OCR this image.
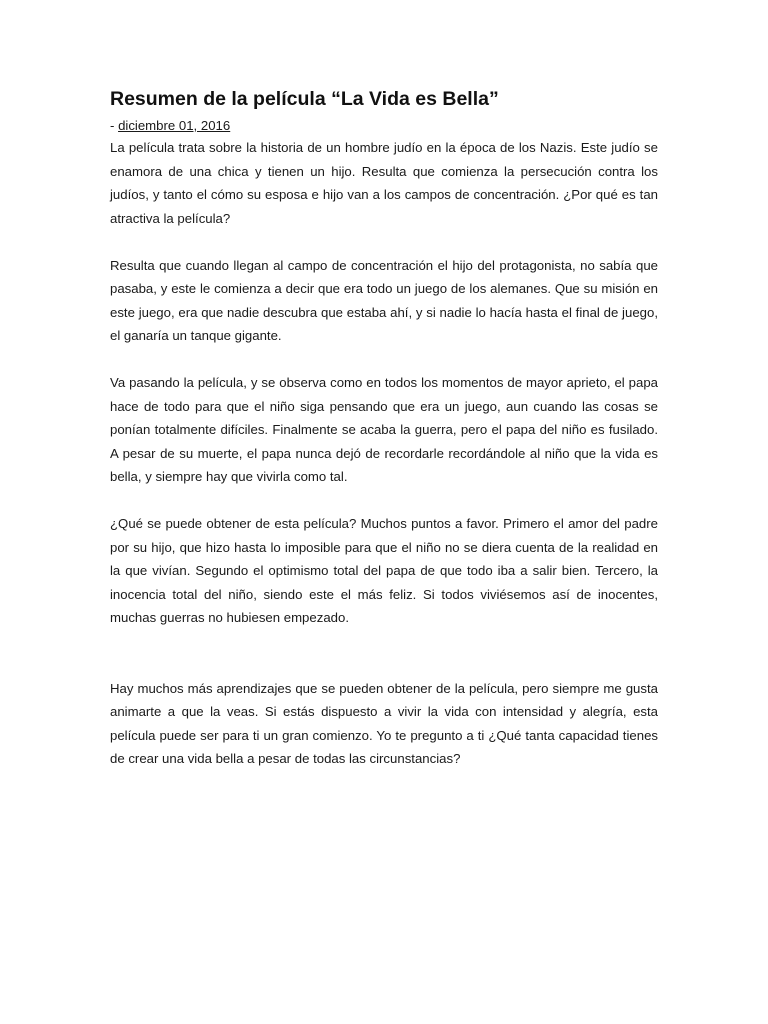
Resumen de la película “La Vida es Bella”
- diciembre 01, 2016

La película trata sobre la historia de un hombre judío en la época de los Nazis. Este judío se enamora de una chica y tienen un hijo. Resulta que comienza la persecución contra los judíos, y tanto el cómo su esposa e hijo van a los campos de concentración. ¿Por qué es tan atractiva la película?

Resulta que cuando llegan al campo de concentración el hijo del protagonista, no sabía que pasaba, y este le comienza a decir que era todo un juego de los alemanes. Que su misión en este juego, era que nadie descubra que estaba ahí, y si nadie lo hacía hasta el final de juego, el ganaría un tanque gigante.

Va pasando la película, y se observa como en todos los momentos de mayor aprieto, el papa hace de todo para que el niño siga pensando que era un juego, aun cuando las cosas se ponían totalmente difíciles. Finalmente se acaba la guerra, pero el papa del niño es fusilado. A pesar de su muerte, el papa nunca dejó de recordarle recordándole al niño que la vida es bella, y siempre hay que vivirla como tal.

¿Qué se puede obtener de esta película? Muchos puntos a favor. Primero el amor del padre por su hijo, que hizo hasta lo imposible para que el niño no se diera cuenta de la realidad en la que vivían. Segundo el optimismo total del papa de que todo iba a salir bien. Tercero, la inocencia total del niño, siendo este el más feliz. Si todos viviésemos así de inocentes, muchas guerras no hubiesen empezado.

Hay muchos más aprendizajes que se pueden obtener de la película, pero siempre me gusta animarte a que la veas. Si estás dispuesto a vivir la vida con intensidad y alegría, esta película puede ser para ti un gran comienzo. Yo te pregunto a ti ¿Qué tanta capacidad tienes de crear una vida bella a pesar de todas las circunstancias?
